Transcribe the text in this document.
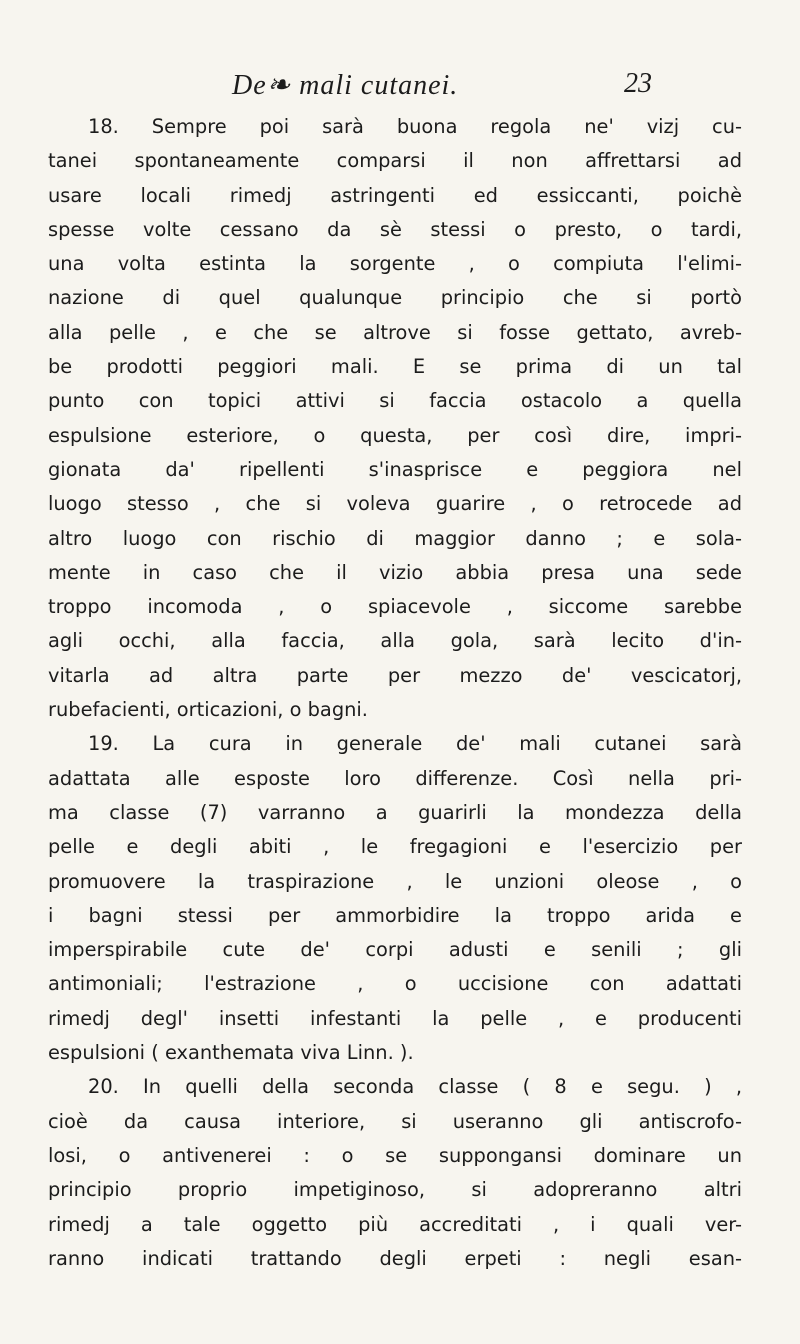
De❧ mali cutanei.	23
18. Sempre poi sarà buona regola ne' vizj cu-
tanei spontaneamente comparsi il non affrettarsi ad
usare locali rimedj astringenti ed essiccanti, poichè
spesse volte cessano da sè stessi o presto, o tardi,
una volta estinta la sorgente , o compiuta l'elimi-
nazione di quel qualunque principio che si portò
alla pelle , e che se altrove si fosse gettato, avreb-
be prodotti peggiori mali. E se prima di un tal
punto con topici attivi si faccia ostacolo a quella
espulsione esteriore, o questa, per così dire, impri-
gionata da' ripellenti s'inasprisce e peggiora nel
luogo stesso , che si voleva guarire , o retrocede ad
altro luogo con rischio di maggior danno ; e sola-
mente in caso che il vizio abbia presa una sede
troppo incomoda , o spiacevole , siccome sarebbe
agli occhi, alla faccia, alla gola, sarà lecito d'in-
vitarla ad altra parte per mezzo de' vescicatorj,
rubefacienti, orticazioni, o bagni.
19. La cura in generale de' mali cutanei sarà
adattata alle esposte loro differenze. Così nella pri-
ma classe (7) varranno a guarirli la mondezza della
pelle e degli abiti , le fregagioni e l'esercizio per
promuovere la traspirazione , le unzioni oleose , o
i bagni stessi per ammorbidire la troppo arida e
imperspirabile cute de' corpi adusti e senili ; gli
antimoniali; l'estrazione , o uccisione con adattati
rimedj degl' insetti infestanti la pelle , e producenti
espulsioni ( exanthemata viva Linn. ).
20. In quelli della seconda classe ( 8 e segu. ) ,
cioè da causa interiore, si useranno gli antiscrofo-
losi, o antivenerei : o se suppongansi dominare un
principio proprio impetiginoso, si adopreranno altri
rimedj a tale oggetto più accreditati , i quali ver-
ranno indicati trattando degli erpeti : negli esan-
